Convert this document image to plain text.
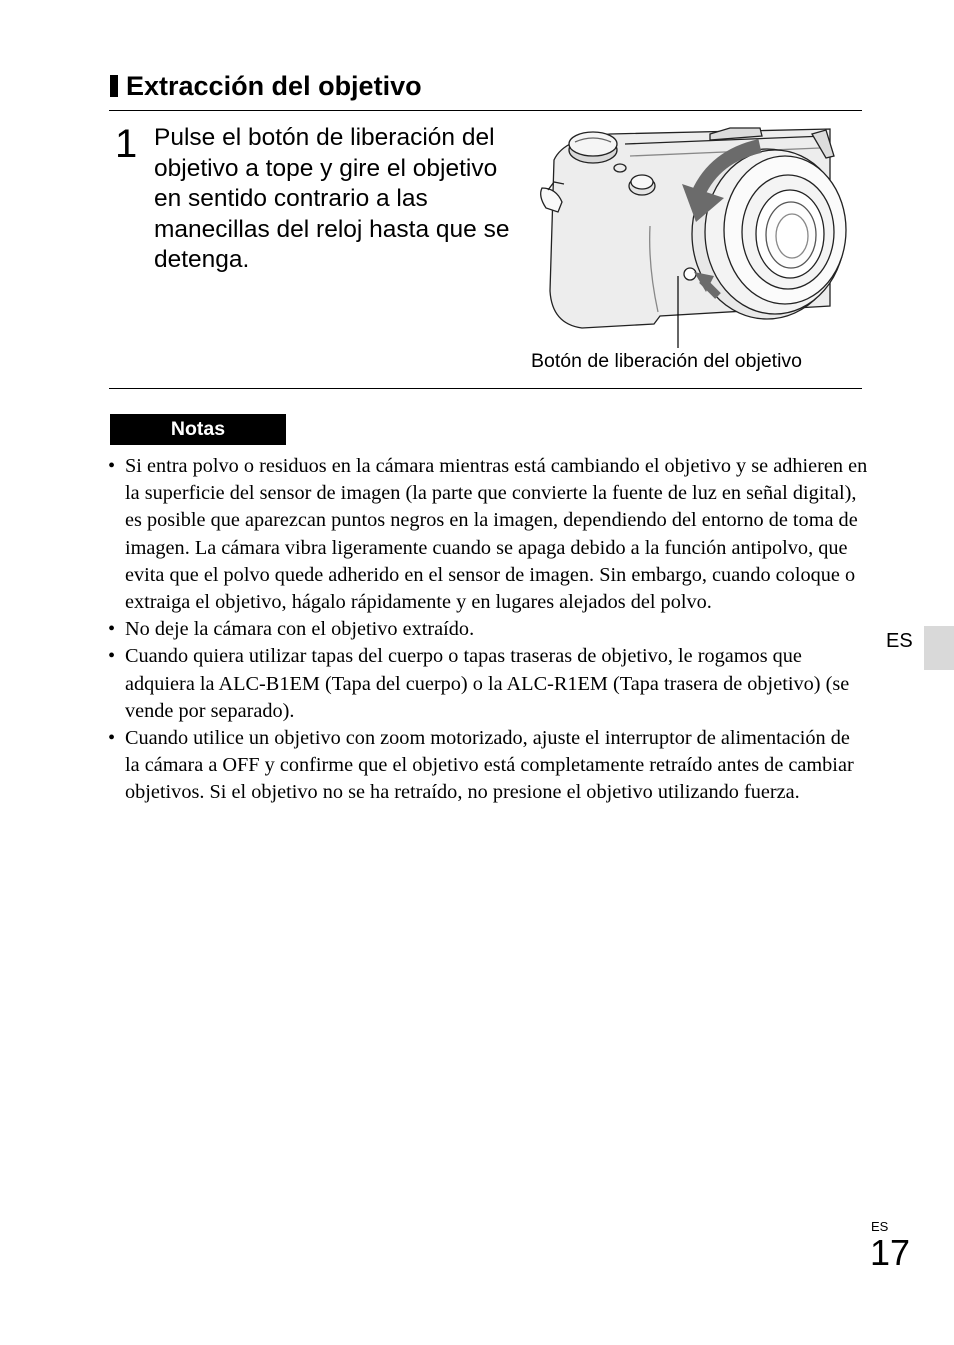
Extracción del objetivo
1 Pulse el botón de liberación del objetivo a tope y gire el objetivo en sentido contrario a las manecillas del reloj hasta que se detenga.
Botón de liberación del objetivo
Notas
• Si entra polvo o residuos en la cámara mientras está cambiando el objetivo y se adhieren en la superficie del sensor de imagen (la parte que convierte la fuente de luz en señal digital), es posible que aparezcan puntos negros en la imagen, dependiendo del entorno de toma de imagen. La cámara vibra ligeramente cuando se apaga debido a la función antipolvo, que evita que el polvo quede adherido en el sensor de imagen. Sin embargo, cuando coloque o extraiga el objetivo, hágalo rápidamente y en lugares alejados del polvo.
• No deje la cámara con el objetivo extraído.
• Cuando quiera utilizar tapas del cuerpo o tapas traseras de objetivo, le rogamos que adquiera la ALC-B1EM (Tapa del cuerpo) o la ALC-R1EM (Tapa trasera de objetivo) (se vende por separado).
• Cuando utilice un objetivo con zoom motorizado, ajuste el interruptor de alimentación de la cámara a OFF y confirme que el objetivo está completamente retraído antes de cambiar objetivos. Si el objetivo no se ha retraído, no presione el objetivo utilizando fuerza.
ES
ES
17
